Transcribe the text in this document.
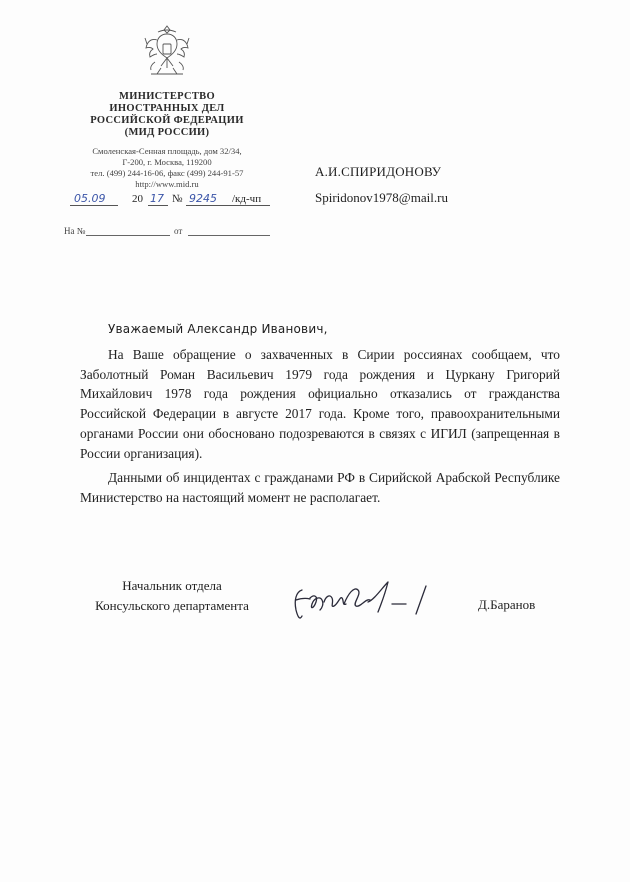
МИНИСТЕРСТВО
ИНОСТРАННЫХ ДЕЛ
РОССИЙСКОЙ ФЕДЕРАЦИИ
(МИД РОССИИ)
Смоленская-Сенная площадь, дом 32/34,
Г-200, г. Москва, 119200
тел. (499) 244-16-06, факс (499) 244-91-57
http://www.mid.ru
05.09	20 17 № 9245 /кд-чп
На №	от
А.И.СПИРИДОНОВУ
Spiridonov1978@mail.ru
Уважаемый Александр Иванович,

На Ваше обращение о захваченных в Сирии россиянах сообщаем, что Заболотный Роман Васильевич 1979 года рождения и Цуркану Григорий Михайлович 1978 года рождения официально отказались от гражданства Российской Федерации в августе 2017 года. Кроме того, правоохранительными органами России они обосновано подозреваются в связях с ИГИЛ (запрещенная в России организация).

Данными об инцидентах с гражданами РФ в Сирийской Арабской Республике Министерство на настоящий момент не располагает.

Начальник отдела
Консульского департамента	Д.Баранов
